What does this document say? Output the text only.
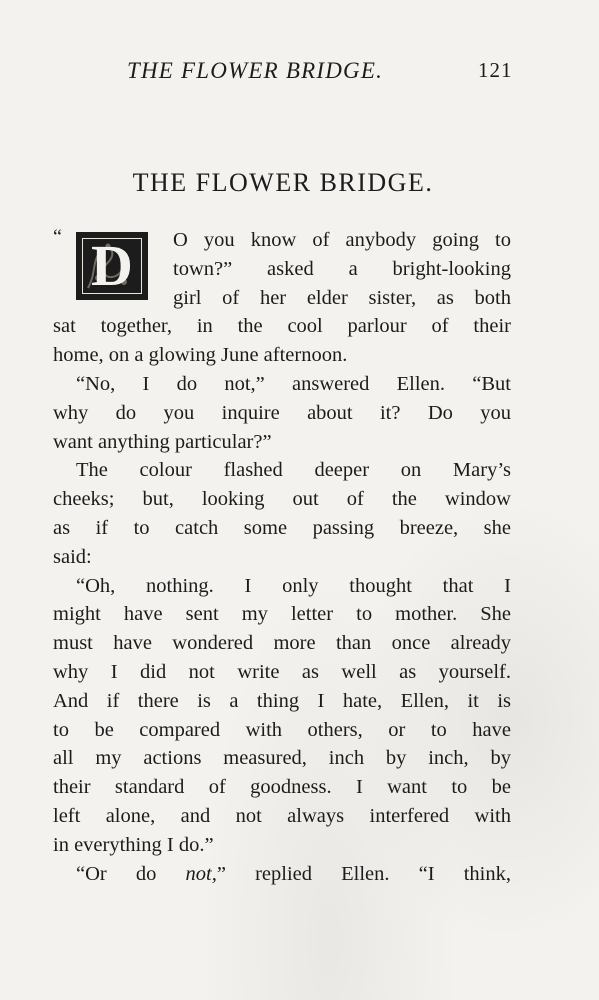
THE FLOWER BRIDGE.	121
THE FLOWER BRIDGE.
“ D	O you know of anybody going to
town?” asked a bright-looking
girl of her elder sister, as both
sat together, in the cool parlour of their
home, on a glowing June afternoon.
“No, I do not,” answered Ellen. “But
why do you inquire about it? Do you
want anything particular?”
The colour flashed deeper on Mary’s
cheeks; but, looking out of the window
as if to catch some passing breeze, she
said:
“Oh, nothing. I only thought that I
might have sent my letter to mother. She
must have wondered more than once already
why I did not write as well as yourself.
And if there is a thing I hate, Ellen, it is
to be compared with others, or to have
all my actions measured, inch by inch, by
their standard of goodness. I want to be
left alone, and not always interfered with
in everything I do.”
“Or do not,” replied Ellen. “I think,
